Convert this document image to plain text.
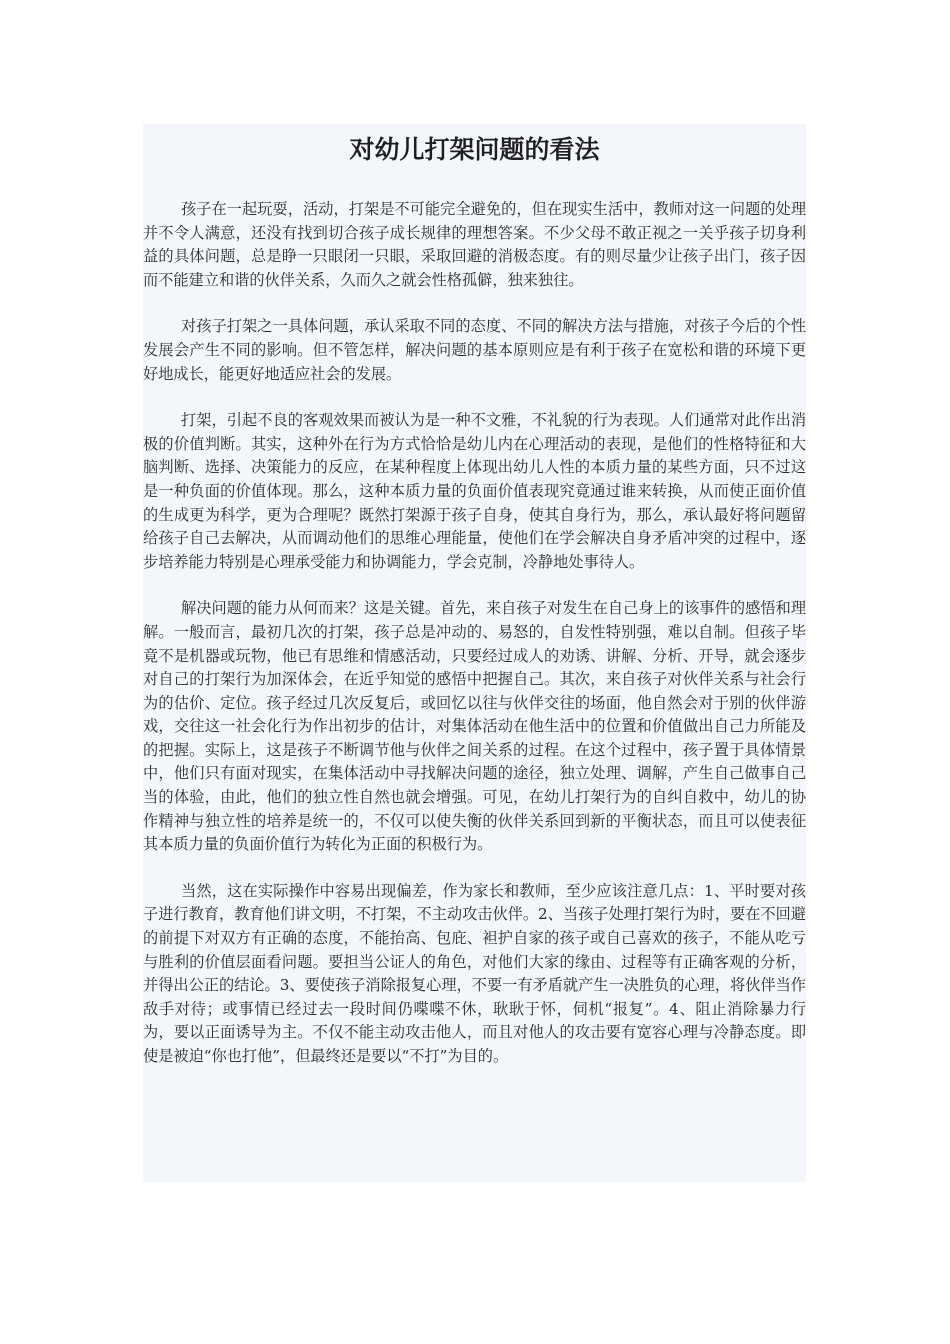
对幼儿打架问题的看法

孩子在一起玩耍，活动，打架是不可能完全避免的，但在现实生活中，教师对这一问题的处理并不令人满意，还没有找到切合孩子成长规律的理想答案。不少父母不敢正视之一关乎孩子切身利益的具体问题，总是睁一只眼闭一只眼，采取回避的消极态度。有的则尽量少让孩子出门，孩子因而不能建立和谐的伙伴关系，久而久之就会性格孤僻，独来独往。

对孩子打架之一具体问题，承认采取不同的态度、不同的解决方法与措施，对孩子今后的个性发展会产生不同的影响。但不管怎样，解决问题的基本原则应是有利于孩子在宽松和谐的环境下更好地成长，能更好地适应社会的发展。

打架，引起不良的客观效果而被认为是一种不文雅，不礼貌的行为表现。人们通常对此作出消极的价值判断。其实，这种外在行为方式恰恰是幼儿内在心理活动的表现，是他们的性格特征和大脑判断、选择、决策能力的反应，在某种程度上体现出幼儿人性的本质力量的某些方面，只不过这是一种负面的价值体现。那么，这种本质力量的负面价值表现究竟通过谁来转换，从而使正面价值的生成更为科学，更为合理呢？既然打架源于孩子自身，使其自身行为，那么，承认最好将问题留给孩子自己去解决，从而调动他们的思维心理能量，使他们在学会解决自身矛盾冲突的过程中，逐步培养能力特别是心理承受能力和协调能力，学会克制，冷静地处事待人。

解决问题的能力从何而来？这是关键。首先，来自孩子对发生在自己身上的该事件的感悟和理解。一般而言，最初几次的打架，孩子总是冲动的、易怒的，自发性特别强，难以自制。但孩子毕竟不是机器或玩物，他已有思维和情感活动，只要经过成人的劝诱、讲解、分析、开导，就会逐步对自己的打架行为加深体会，在近乎知觉的感悟中把握自己。其次，来自孩子对伙伴关系与社会行为的估价、定位。孩子经过几次反复后，或回忆以往与伙伴交往的场面，他自然会对于别的伙伴游戏，交往这一社会化行为作出初步的估计，对集体活动在他生活中的位置和价值做出自己力所能及的把握。实际上，这是孩子不断调节他与伙伴之间关系的过程。在这个过程中，孩子置于具体情景中，他们只有面对现实，在集体活动中寻找解决问题的途径，独立处理、调解，产生自己做事自己当的体验，由此，他们的独立性自然也就会增强。可见，在幼儿打架行为的自纠自救中，幼儿的协作精神与独立性的培养是统一的，不仅可以使失衡的伙伴关系回到新的平衡状态，而且可以使表征其本质力量的负面价值行为转化为正面的积极行为。

当然，这在实际操作中容易出现偏差，作为家长和教师，至少应该注意几点：1、平时要对孩子进行教育，教育他们讲文明，不打架，不主动攻击伙伴。2、当孩子处理打架行为时，要在不回避的前提下对双方有正确的态度，不能抬高、包庇、袒护自家的孩子或自己喜欢的孩子，不能从吃亏与胜利的价值层面看问题。要担当公证人的角色，对他们大家的缘由、过程等有正确客观的分析，并得出公正的结论。3、要使孩子消除报复心理，不要一有矛盾就产生一决胜负的心理，将伙伴当作敌手对待；或事情已经过去一段时间仍喋喋不休，耿耿于怀，伺机“报复”。4、阻止消除暴力行为，要以正面诱导为主。不仅不能主动攻击他人，而且对他人的攻击要有宽容心理与冷静态度。即使是被迫“你也打他”，但最终还是要以“不打”为目的。
